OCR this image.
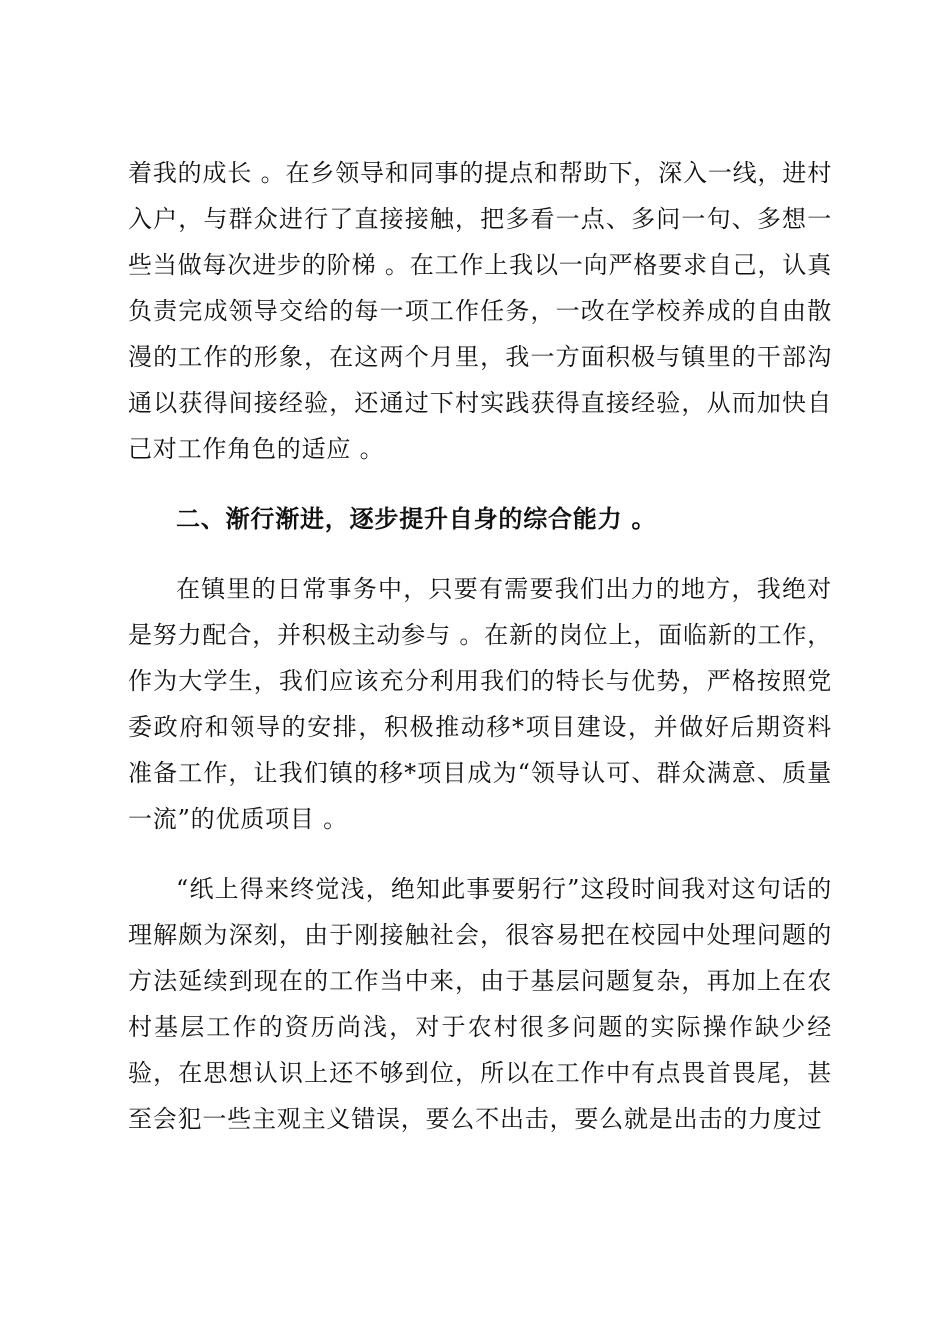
着我的成长 。在乡领导和同事的提点和帮助下，深入一线，进村入户，与群众进行了直接接触，把多看一点、多问一句、多想一些当做每次进步的阶梯 。在工作上我以一向严格要求自己，认真负责完成领导交给的每一项工作任务，一改在学校养成的自由散漫的工作的形象，在这两个月里，我一方面积极与镇里的干部沟通以获得间接经验，还通过下村实践获得直接经验，从而加快自己对工作角色的适应 。

二、渐行渐进，逐步提升自身的综合能力 。

在镇里的日常事务中，只要有需要我们出力的地方，我绝对是努力配合，并积极主动参与 。在新的岗位上，面临新的工作，作为大学生，我们应该充分利用我们的特长与优势，严格按照党委政府和领导的安排，积极推动移*项目建设，并做好后期资料准备工作，让我们镇的移*项目成为“领导认可、群众满意、质量一流”的优质项目 。

“纸上得来终觉浅，绝知此事要躬行”这段时间我对这句话的理解颇为深刻，由于刚接触社会，很容易把在校园中处理问题的方法延续到现在的工作当中来，由于基层问题复杂，再加上在农村基层工作的资历尚浅，对于农村很多问题的实际操作缺少经验，在思想认识上还不够到位，所以在工作中有点畏首畏尾，甚至会犯一些主观主义错误，要么不出击，要么就是出击的力度过
